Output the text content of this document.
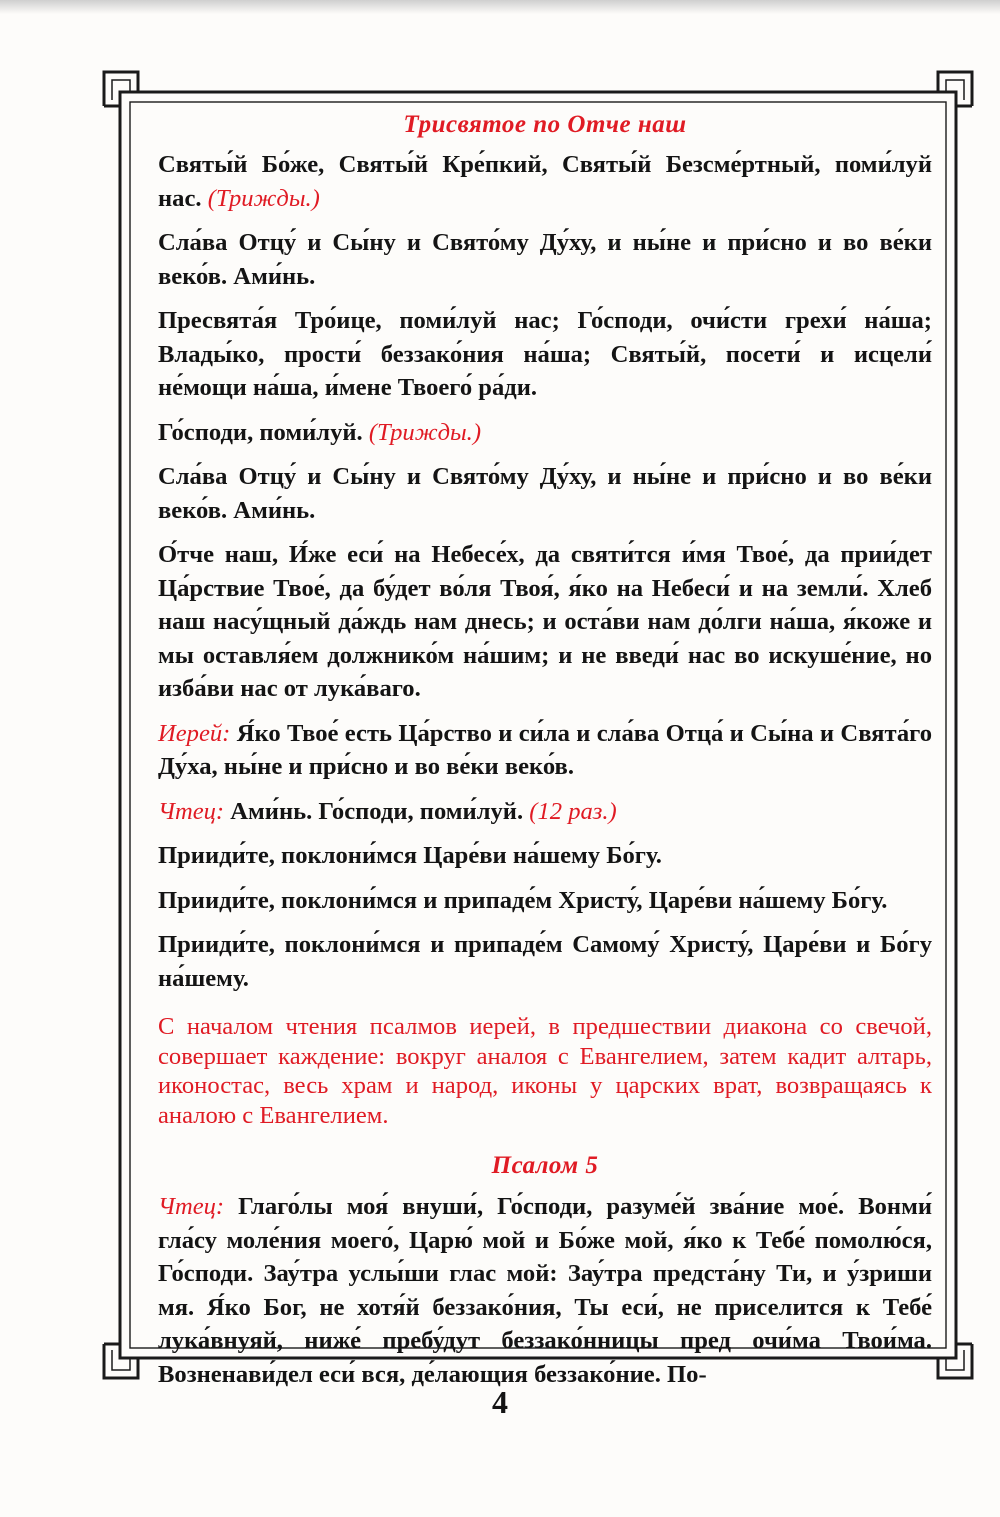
Трисвятое по Отче наш

Святы́й Бо́же, Святы́й Кре́пкий, Святы́й Безсме́ртный, поми́луй нас. (Трижды.)

Сла́ва Отцу́ и Сы́ну и Свято́му Ду́ху, и ны́не и при́сно и во ве́ки веко́в. Ами́нь.

Пресвята́я Тро́ице, поми́луй нас; Го́споди, очи́сти грехи́ на́ша; Влады́ко, прости́ беззако́ния на́ша; Святы́й, посети́ и исцели́ не́мощи на́ша, и́мене Твоего́ ра́ди.

Го́споди, поми́луй. (Трижды.)

Сла́ва Отцу́ и Сы́ну и Свято́му Ду́ху, и ны́не и при́сно и во ве́ки веко́в. Ами́нь.

О́тче наш, И́же еси́ на Небесе́х, да святи́тся и́мя Твое́, да прии́дет Ца́рствие Твое́, да бу́дет во́ля Твоя́, я́ко на Небеси́ и на земли́. Хлеб наш насу́щный да́ждь нам днесь; и оста́ви нам до́лги на́ша, я́коже и мы оставля́ем должнико́м на́шим; и не введи́ нас во искуше́ние, но изба́ви нас от лука́ваго.

Иерей: Я́ко Твое́ есть Ца́рство и си́ла и сла́ва Отца́ и Сы́на и Свята́го Ду́ха, ны́не и при́сно и во ве́ки веко́в.

Чтец: Ами́нь. Го́споди, поми́луй. (12 раз.)

Прииди́те, поклони́мся Царе́ви на́шему Бо́гу.

Прииди́те, поклони́мся и припаде́м Христу́, Царе́ви на́шему Бо́гу.

Прииди́те, поклони́мся и припаде́м Самому́ Христу́, Царе́ви и Бо́гу на́шему.

С началом чтения псалмов иерей, в предшествии диакона со свечой, совершает каждение: вокруг аналоя с Евангелием, затем кадит алтарь, иконостас, весь храм и народ, иконы у царских врат, возвращаясь к аналою с Евангелием.

Псалом 5

Чтец: Глаго́лы моя́ внуши́, Го́споди, разуме́й зва́ние мое́. Вонми́ гла́су моле́ния моего́, Царю́ мой и Бо́же мой, я́ко к Тебе́ помолю́ся, Го́споди. Зау́тра услы́ши глас мой: Зау́тра предста́ну Ти, и у́зриши мя. Я́ко Бог, не хотя́й беззако́ния, Ты еси́, не приселится к Тебе́ лука́внуяй, ниже́ пребу́дут беззако́нницы пред очи́ма Твои́ма. Возненави́дел еси́ вся, де́лающия беззако́ние. По-

4
